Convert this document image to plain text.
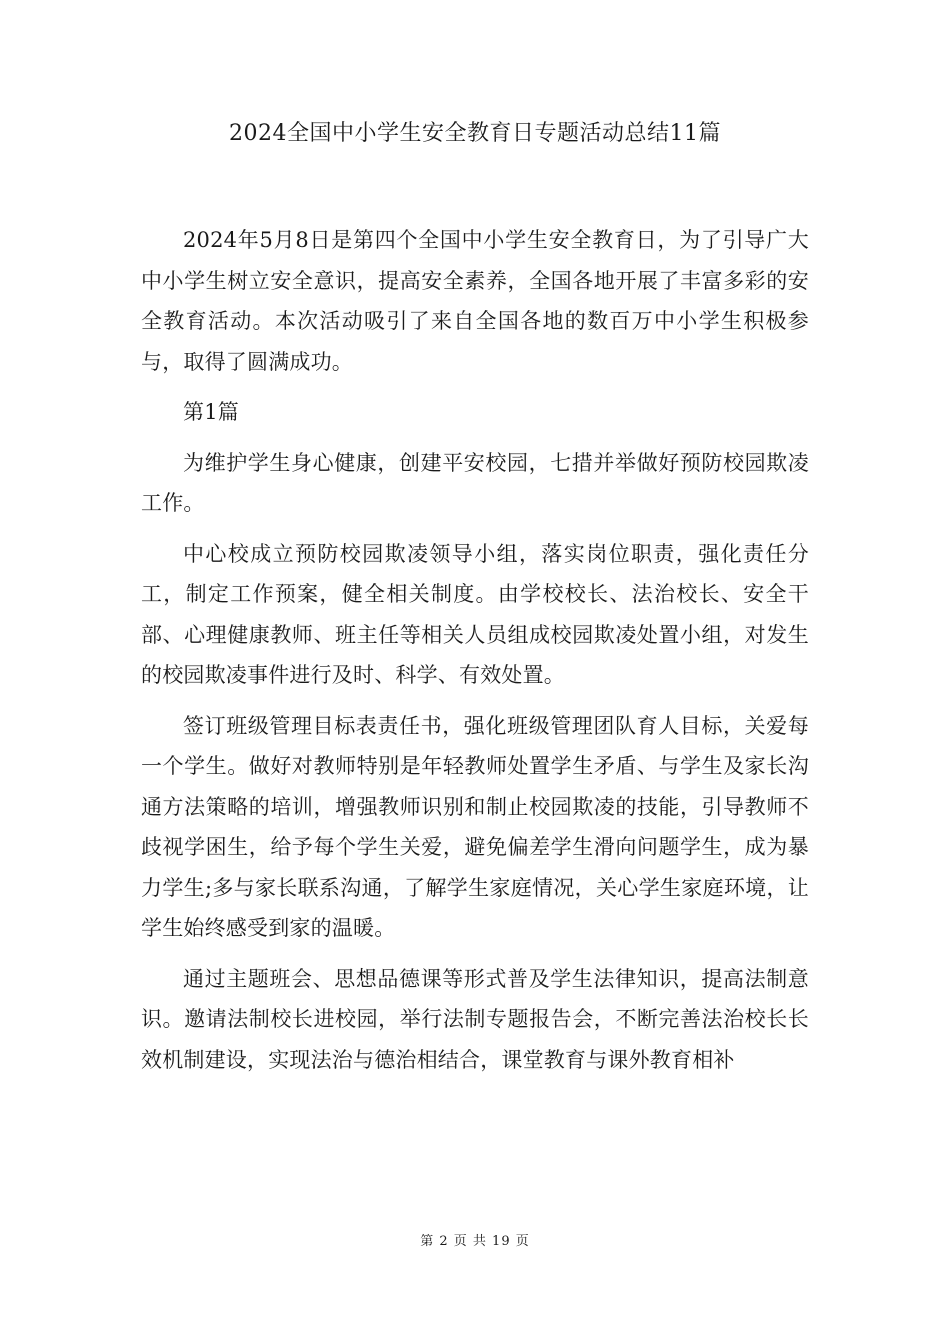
2024全国中小学生安全教育日专题活动总结11篇

2024年5月8日是第四个全国中小学生安全教育日，为了引导广大中小学生树立安全意识，提高安全素养，全国各地开展了丰富多彩的安全教育活动。本次活动吸引了来自全国各地的数百万中小学生积极参与，取得了圆满成功。

第1篇

为维护学生身心健康，创建平安校园，七措并举做好预防校园欺凌工作。

中心校成立预防校园欺凌领导小组，落实岗位职责，强化责任分工，制定工作预案，健全相关制度。由学校校长、法治校长、安全干部、心理健康教师、班主任等相关人员组成校园欺凌处置小组，对发生的校园欺凌事件进行及时、科学、有效处置。

签订班级管理目标表责任书，强化班级管理团队育人目标，关爱每一个学生。做好对教师特别是年轻教师处置学生矛盾、与学生及家长沟通方法策略的培训，增强教师识别和制止校园欺凌的技能，引导教师不歧视学困生，给予每个学生关爱，避免偏差学生滑向问题学生，成为暴力学生;多与家长联系沟通，了解学生家庭情况，关心学生家庭环境，让学生始终感受到家的温暖。

通过主题班会、思想品德课等形式普及学生法律知识，提高法制意识。邀请法制校长进校园，举行法制专题报告会，不断完善法治校长长效机制建设，实现法治与德治相结合，课堂教育与课外教育相补

第 2 页 共 19 页
